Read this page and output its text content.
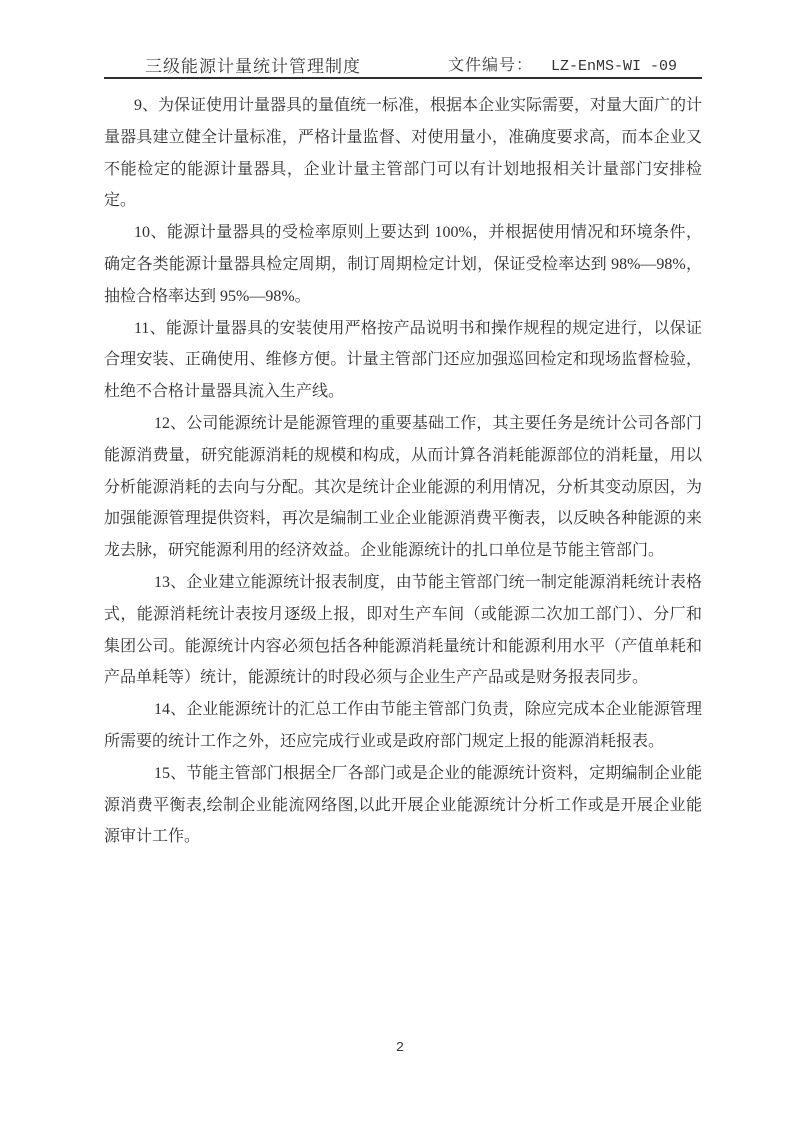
三级能源计量统计管理制度	文件编号： LZ-EnMS-WI -09

9、为保证使用计量器具的量值统一标准，根据本企业实际需要，对量大面广的计量器具建立健全计量标准，严格计量监督、对使用量小，准确度要求高，而本企业又不能检定的能源计量器具，企业计量主管部门可以有计划地报相关计量部门安排检定。

10、能源计量器具的受检率原则上要达到 100%，并根据使用情况和环境条件，确定各类能源计量器具检定周期，制订周期检定计划，保证受检率达到 98%—98%，抽检合格率达到 95%—98%。

11、能源计量器具的安装使用严格按产品说明书和操作规程的规定进行，以保证合理安装、正确使用、维修方便。计量主管部门还应加强巡回检定和现场监督检验，杜绝不合格计量器具流入生产线。

12、公司能源统计是能源管理的重要基础工作，其主要任务是统计公司各部门能源消费量，研究能源消耗的规模和构成，从而计算各消耗能源部位的消耗量，用以分析能源消耗的去向与分配。其次是统计企业能源的利用情况，分析其变动原因，为加强能源管理提供资料，再次是编制工业企业能源消费平衡表，以反映各种能源的来龙去脉，研究能源利用的经济效益。企业能源统计的扎口单位是节能主管部门。

13、企业建立能源统计报表制度，由节能主管部门统一制定能源消耗统计表格式，能源消耗统计表按月逐级上报，即对生产车间（或能源二次加工部门）、分厂和集团公司。能源统计内容必须包括各种能源消耗量统计和能源利用水平（产值单耗和产品单耗等）统计，能源统计的时段必须与企业生产产品或是财务报表同步。

14、企业能源统计的汇总工作由节能主管部门负责，除应完成本企业能源管理所需要的统计工作之外，还应完成行业或是政府部门规定上报的能源消耗报表。

15、节能主管部门根据全厂各部门或是企业的能源统计资料，定期编制企业能源消费平衡表,绘制企业能流网络图,以此开展企业能源统计分析工作或是开展企业能源审计工作。

2
